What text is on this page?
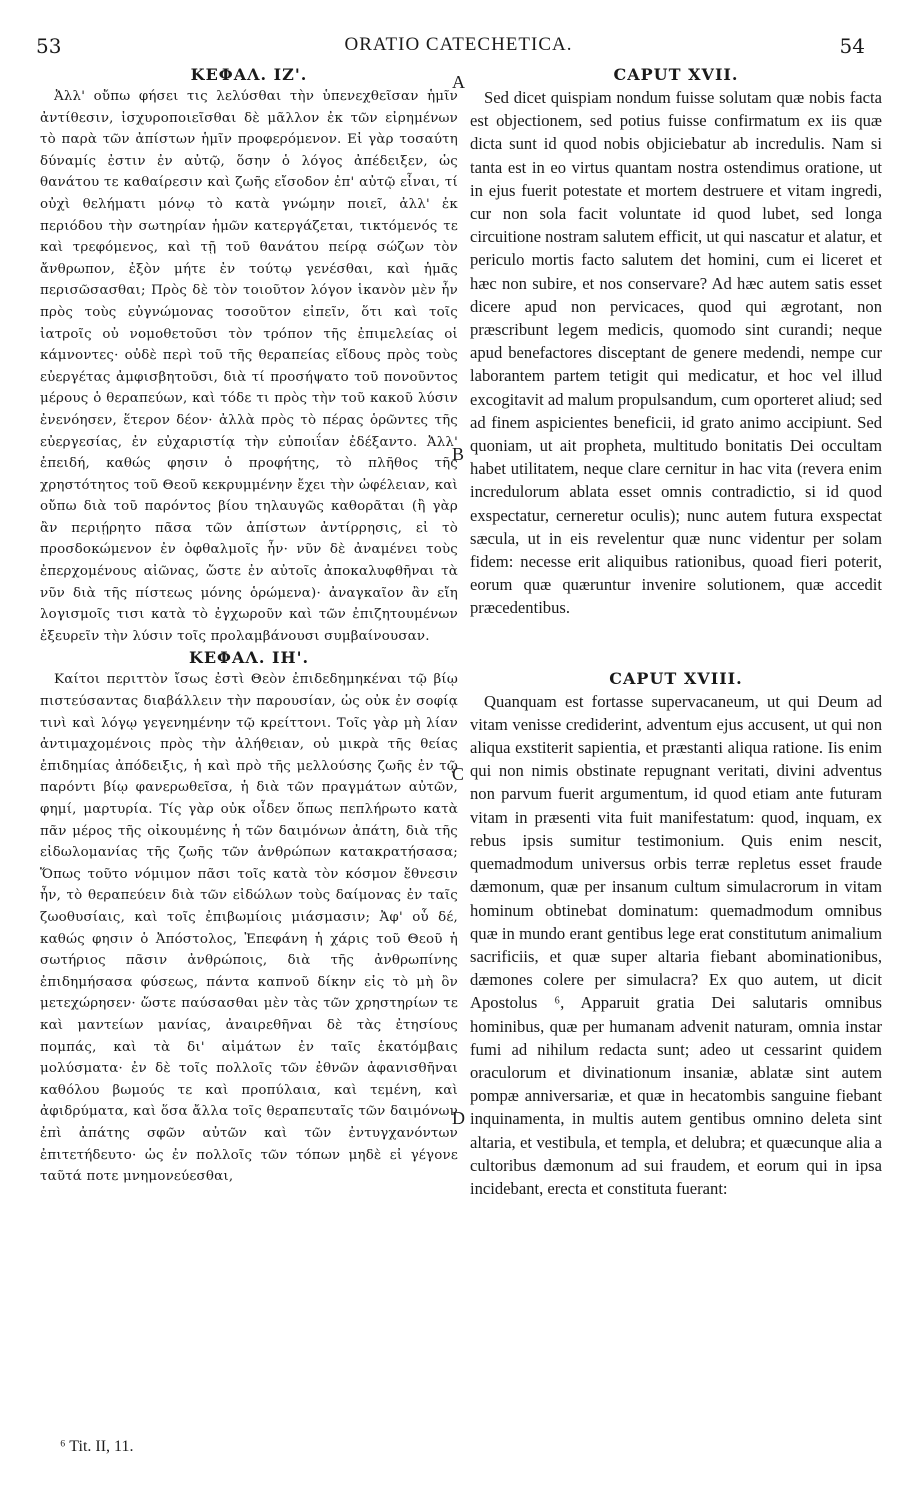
53	ORATIO CATECHETICA.	54
A
B
C
D
ΚΕΦΑΛ. ΙΖ'.

Ἀλλ' οὔπω φήσει τις λελύσθαι τὴν ὑπενεχθεῖσαν ἡμῖν ἀντίθεσιν, ἰσχυροποιεῖσθαι δὲ μᾶλλον ἐκ τῶν εἰρημένων τὸ παρὰ τῶν ἀπίστων ἡμῖν προφερόμενον. Εἰ γὰρ τοσαύτη δύναμίς ἐστιν ἐν αὐτῷ, ὅσην ὁ λόγος ἀπέδειξεν, ὡς θανάτου τε καθαίρεσιν καὶ ζωῆς εἴσοδον ἐπ' αὐτῷ εἶναι, τί οὐχὶ θελήματι μόνῳ τὸ κατὰ γνώμην ποιεῖ, ἀλλ' ἐκ περιόδου τὴν σωτηρίαν ἡμῶν κατεργάζεται, τικτόμενός τε καὶ τρεφόμενος, καὶ τῇ τοῦ θανάτου πείρᾳ σώζων τὸν ἄνθρωπον, ἐξὸν μήτε ἐν τούτῳ γενέσθαι, καὶ ἡμᾶς περισῶσασθαι; Πρὸς δὲ τὸν τοιοῦτον λόγον ἱκανὸν μὲν ἦν πρὸς τοὺς εὐγνώμονας τοσοῦτον εἰπεῖν, ὅτι καὶ τοῖς ἰατροῖς οὐ νομοθετοῦσι τὸν τρόπον τῆς ἐπιμελείας οἱ κάμνοντες· οὐδὲ περὶ τοῦ τῆς θεραπείας εἴδους πρὸς τοὺς εὐεργέτας ἀμφισβητοῦσι, διὰ τί προσήψατο τοῦ πονοῦντος μέρους ὁ θεραπεύων, καὶ τόδε τι πρὸς τὴν τοῦ κακοῦ λύσιν ἐνενόησεν, ἕτερον δέον· ἀλλὰ πρὸς τὸ πέρας ὁρῶντες τῆς εὐεργεσίας, ἐν εὐχαριστίᾳ τὴν εὐποιΐαν ἐδέξαντο. Ἀλλ' ἐπειδή, καθώς φησιν ὁ προφήτης, τὸ πλῆθος τῆς χρηστότητος τοῦ Θεοῦ κεκρυμμένην ἔχει τὴν ὠφέλειαν, καὶ οὔπω διὰ τοῦ παρόντος βίου τηλαυγῶς καθορᾶται (ἢ γὰρ ἂν περιῄρητο πᾶσα τῶν ἀπίστων ἀντίρρησις, εἰ τὸ προσδοκώμενον ἐν ὀφθαλμοῖς ἦν· νῦν δὲ ἀναμένει τοὺς ἐπερχομένους αἰῶνας, ὥστε ἐν αὐτοῖς ἀποκαλυφθῆναι τὰ νῦν διὰ τῆς πίστεως μόνης ὁρώμενα)· ἀναγκαῖον ἂν εἴη λογισμοῖς τισι κατὰ τὸ ἐγχωροῦν καὶ τῶν ἐπιζητουμένων ἐξευρεῖν τὴν λύσιν τοῖς προλαμβάνουσι συμβαίνουσαν.

ΚΕΦΑΛ. ΙΗ'.

Καίτοι περιττὸν ἴσως ἐστὶ Θεὸν ἐπιδεδημηκέναι τῷ βίῳ πιστεύσαντας διαβάλλειν τὴν παρουσίαν, ὡς οὐκ ἐν σοφίᾳ τινὶ καὶ λόγῳ γεγενημένην τῷ κρείττονι. Τοῖς γὰρ μὴ λίαν ἀντιμαχομένοις πρὸς τὴν ἀλήθειαν, οὐ μικρὰ τῆς θείας ἐπιδημίας ἀπόδειξις, ἡ καὶ πρὸ τῆς μελλούσης ζωῆς ἐν τῷ παρόντι βίῳ φανερωθεῖσα, ἡ διὰ τῶν πραγμάτων αὐτῶν, φημί, μαρτυρία. Τίς γὰρ οὐκ οἶδεν ὅπως πεπλήρωτο κατὰ πᾶν μέρος τῆς οἰκουμένης ἡ τῶν δαιμόνων ἀπάτη, διὰ τῆς εἰδωλομανίας τῆς ζωῆς τῶν ἀνθρώπων κατακρατήσασα; Ὅπως τοῦτο νόμιμον πᾶσι τοῖς κατὰ τὸν κόσμον ἔθνεσιν ἦν, τὸ θεραπεύειν διὰ τῶν εἰδώλων τοὺς δαίμονας ἐν ταῖς ζωοθυσίαις, καὶ τοῖς ἐπιβωμίοις μιάσμασιν; Ἀφ' οὗ δέ, καθώς φησιν ὁ Ἀπόστολος, Ἐπεφάνη ἡ χάρις τοῦ Θεοῦ ἡ σωτήριος πᾶσιν ἀνθρώποις, διὰ τῆς ἀνθρωπίνης ἐπιδημήσασα φύσεως, πάντα καπνοῦ δίκην εἰς τὸ μὴ ὂν μετεχώρησεν· ὥστε παύσασθαι μὲν τὰς τῶν χρηστηρίων τε καὶ μαντείων μανίας, ἀναιρεθῆναι δὲ τὰς ἐτησίους πομπάς, καὶ τὰ δι' αἱμάτων ἐν ταῖς ἑκατόμβαις μολύσματα· ἐν δὲ τοῖς πολλοῖς τῶν ἐθνῶν ἀφανισθῆναι καθόλου βωμούς τε καὶ προπύλαια, καὶ τεμένη, καὶ ἀφιδρύματα, καὶ ὅσα ἄλλα τοῖς θεραπευταῖς τῶν δαιμόνων ἐπὶ ἀπάτης σφῶν αὐτῶν καὶ τῶν ἐντυγχανόντων ἐπιτετήδευτο· ὡς ἐν πολλοῖς τῶν τόπων μηδὲ εἰ γέγονε ταῦτά ποτε μνημονεύεσθαι,

CAPUT XVII.

Sed dicet quispiam nondum fuisse solutam quæ nobis facta est objectionem, sed potius fuisse confirmatum ex iis quæ dicta sunt id quod nobis objiciebatur ab incredulis. Nam si tanta est in eo virtus quantam nostra ostendimus oratione, ut in ejus fuerit potestate et mortem destruere et vitam ingredi, cur non sola facit voluntate id quod lubet, sed longa circuitione nostram salutem efficit, ut qui nascatur et alatur, et periculo mortis facto salutem det homini, cum ei liceret et hæc non subire, et nos conservare? Ad hæc autem satis esset dicere apud non pervicaces, quod qui ægrotant, non præscribunt legem medicis, quomodo sint curandi; neque apud benefactores disceptant de genere medendi, nempe cur laborantem partem tetigit qui medicatur, et hoc vel illud excogitavit ad malum propulsandum, cum oporteret aliud; sed ad finem aspicientes beneficii, id grato animo accipiunt. Sed quoniam, ut ait propheta, multitudo bonitatis Dei occultam habet utilitatem, neque clare cernitur in hac vita (revera enim incredulorum ablata esset omnis contradictio, si id quod exspectatur, cerneretur oculis); nunc autem futura exspectat sæcula, ut in eis revelentur quæ nunc videntur per solam fidem: necesse erit aliquibus rationibus, quoad fieri poterit, eorum quæ quæruntur invenire solutionem, quæ accedit præcedentibus.

CAPUT XVIII.

Quanquam est fortasse supervacaneum, ut qui Deum ad vitam venisse crediderint, adventum ejus accusent, ut qui non aliqua exstiterit sapientia, et præstanti aliqua ratione. Iis enim qui non nimis obstinate repugnant veritati, divini adventus non parvum fuerit argumentum, id quod etiam ante futuram vitam in præsenti vita fuit manifestatum: quod, inquam, ex rebus ipsis sumitur testimonium. Quis enim nescit, quemadmodum universus orbis terræ repletus esset fraude dæmonum, quæ per insanum cultum simulacrorum in vitam hominum obtinebat dominatum: quemadmodum omnibus quæ in mundo erant gentibus lege erat constitutum animalium sacrificiis, et quæ super altaria fiebant abominationibus, dæmones colere per simulacra? Ex quo autem, ut dicit Apostolus ⁶, Apparuit gratia Dei salutaris omnibus hominibus, quæ per humanam advenit naturam, omnia instar fumi ad nihilum redacta sunt; adeo ut cessarint quidem oraculorum et divinationum insaniæ, ablatæ sint autem pompæ anniversariæ, et quæ in hecatombis sanguine fiebant inquinamenta, in multis autem gentibus omnino deleta sint altaria, et vestibula, et templa, et delubra; et quæcunque alia a cultoribus dæmonum ad sui fraudem, et eorum qui in ipsa incidebant, erecta et constituta fuerant:

⁶ Tit. II, 11.
